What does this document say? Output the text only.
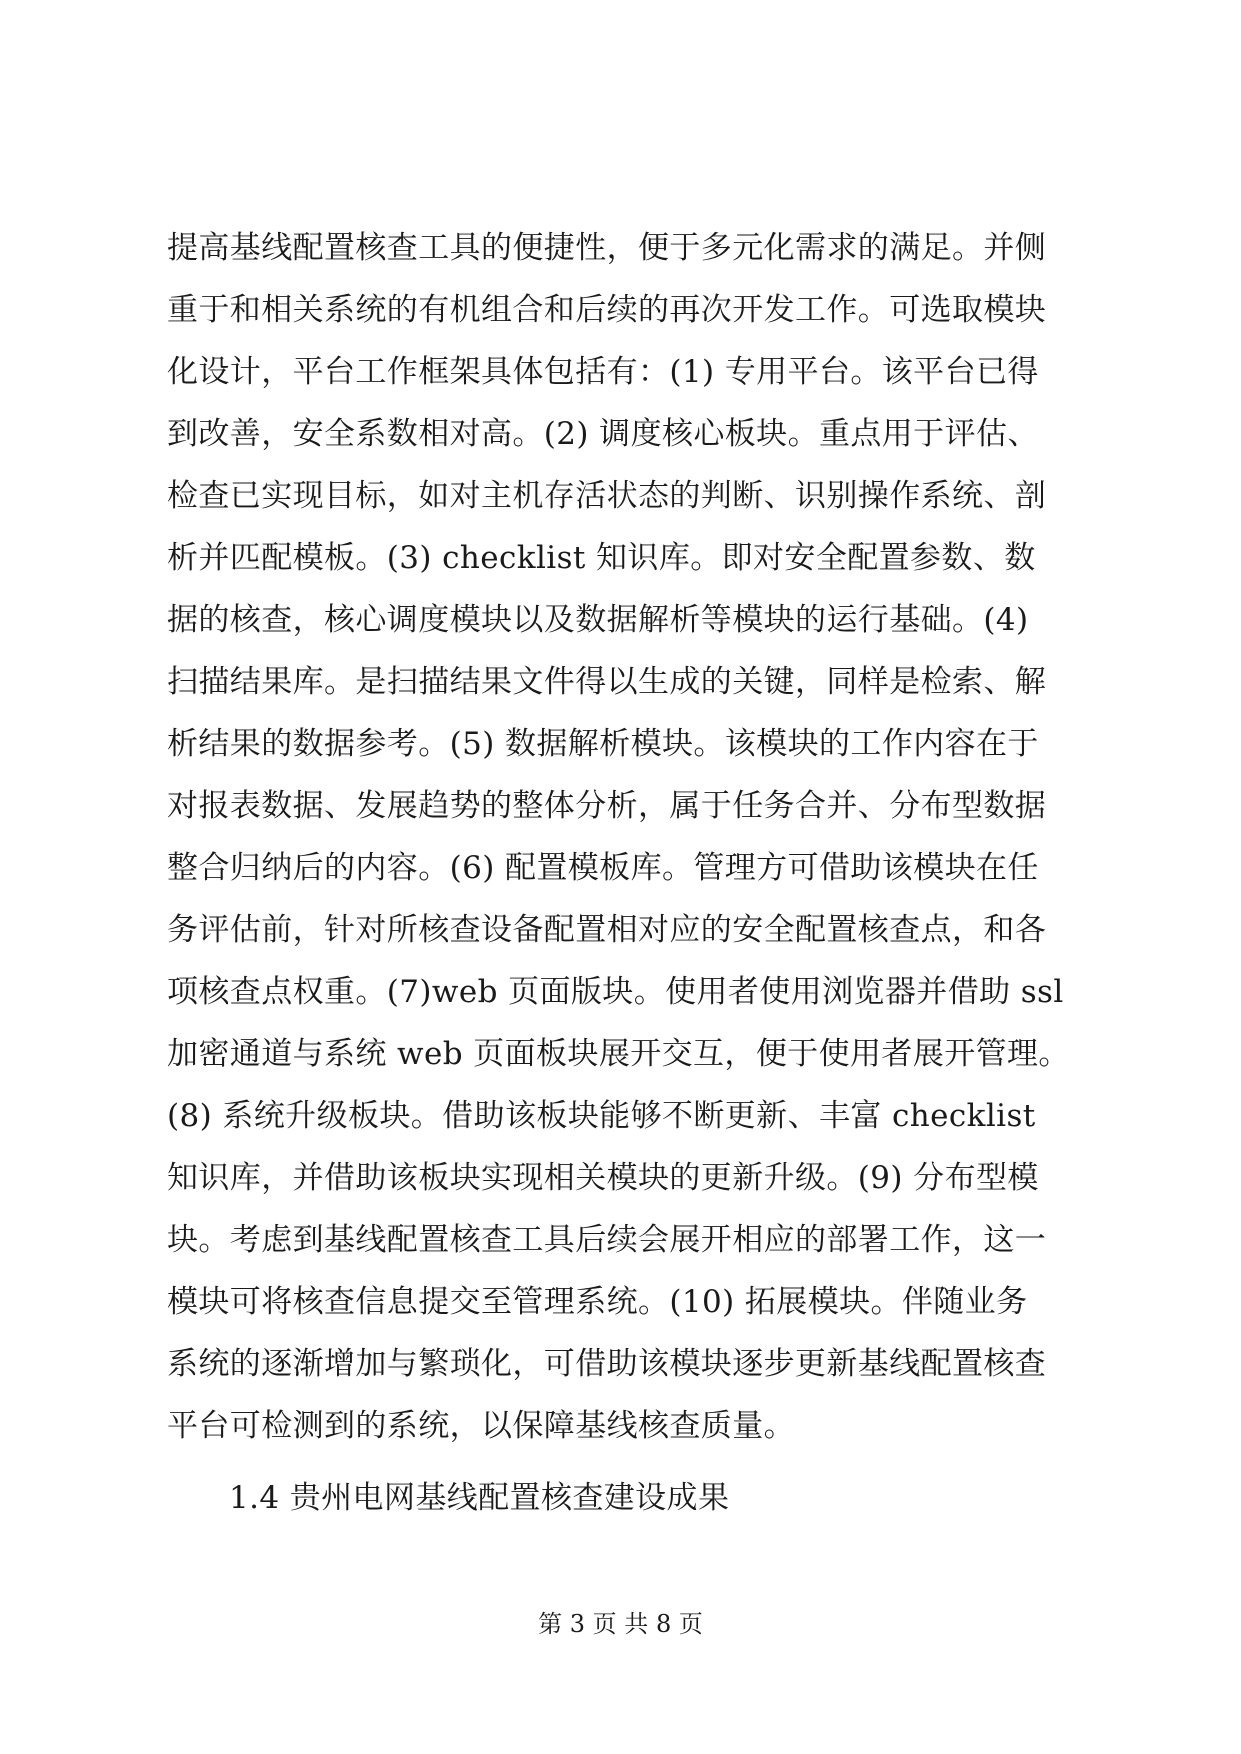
提高基线配置核查工具的便捷性，便于多元化需求的满足。并侧
重于和相关系统的有机组合和后续的再次开发工作。可选取模块
化设计，平台工作框架具体包括有：(1) 专用平台。该平台已得
到改善，安全系数相对高。(2) 调度核心板块。重点用于评估、
检查已实现目标，如对主机存活状态的判断、识别操作系统、剖
析并匹配模板。(3) checklist 知识库。即对安全配置参数、数
据的核查，核心调度模块以及数据解析等模块的运行基础。(4)
扫描结果库。是扫描结果文件得以生成的关键，同样是检索、解
析结果的数据参考。(5) 数据解析模块。该模块的工作内容在于
对报表数据、发展趋势的整体分析，属于任务合并、分布型数据
整合归纳后的内容。(6) 配置模板库。管理方可借助该模块在任
务评估前，针对所核查设备配置相对应的安全配置核查点，和各
项核查点权重。(7)web 页面版块。使用者使用浏览器并借助 ssl
加密通道与系统 web 页面板块展开交互，便于使用者展开管理。
(8) 系统升级板块。借助该板块能够不断更新、丰富 checklist
知识库，并借助该板块实现相关模块的更新升级。(9) 分布型模
块。考虑到基线配置核查工具后续会展开相应的部署工作，这一
模块可将核查信息提交至管理系统。(10) 拓展模块。伴随业务
系统的逐渐增加与繁琐化，可借助该模块逐步更新基线配置核查
平台可检测到的系统，以保障基线核查质量。
1.4 贵州电网基线配置核查建设成果
第 3 页 共 8 页
